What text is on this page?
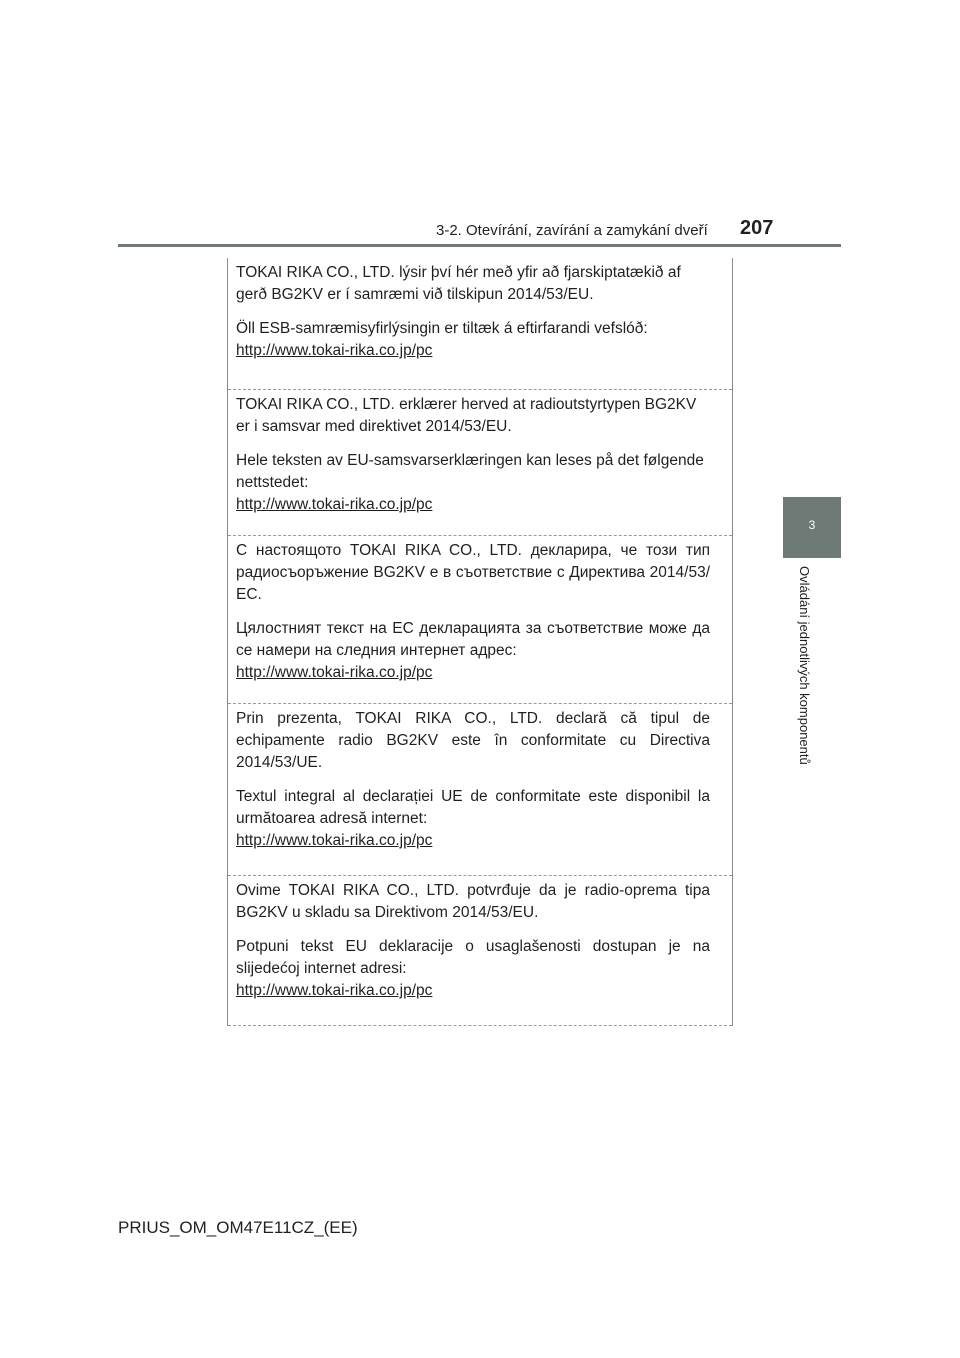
3-2. Otevírání, zavírání a zamykání dveří 207
3
Ovládání jednotlivých komponentů

TOKAI RIKA CO., LTD. lýsir því hér með yfir að fjarskiptatækið af gerð BG2KV er í samræmi við tilskipun 2014/53/EU.

Öll ESB-samræmisyfirlýsingin er tiltæk á eftirfarandi vefslóð:
http://www.tokai-rika.co.jp/pc

TOKAI RIKA CO., LTD. erklærer herved at radioutstyrtypen BG2KV er i samsvar med direktivet 2014/53/EU.

Hele teksten av EU-samsvarserklæringen kan leses på det følgende nettstedet:
http://www.tokai-rika.co.jp/pc

С настоящото TOKAI RIKA CO., LTD. декларира, че този тип радиосъоръжение BG2KV е в съответствие с Директива 2014/53/ЕС.

Цялостният текст на ЕС декларацията за съответствие може да се намери на следния интернет адрес:
http://www.tokai-rika.co.jp/pc

Prin prezenta, TOKAI RIKA CO., LTD. declară că tipul de echipamente radio BG2KV este în conformitate cu Directiva 2014/53/UE.

Textul integral al declarației UE de conformitate este disponibil la următoarea adresă internet:
http://www.tokai-rika.co.jp/pc

Ovime TOKAI RIKA CO., LTD. potvrđuje da je radio-oprema tipa BG2KV u skladu sa Direktivom 2014/53/EU.

Potpuni tekst EU deklaracije o usaglašenosti dostupan je na slijedećoj internet adresi:
http://www.tokai-rika.co.jp/pc

PRIUS_OM_OM47E11CZ_(EE)
